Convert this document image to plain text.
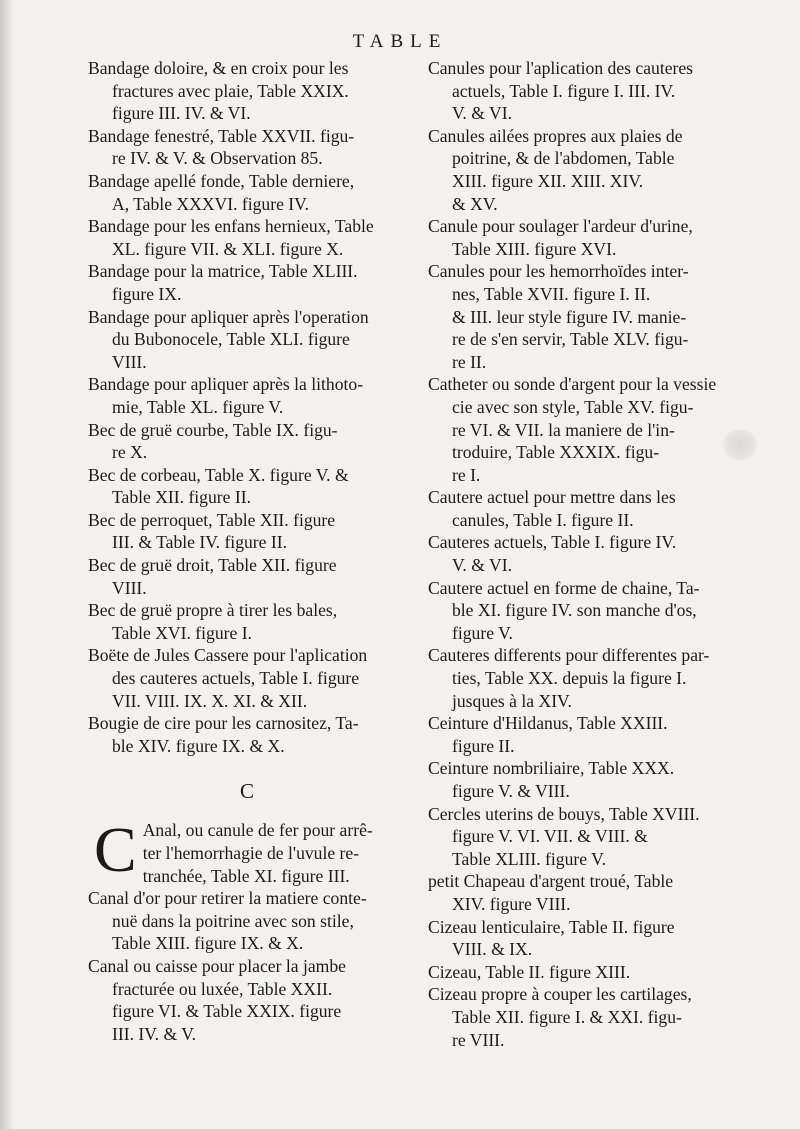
TABLE
Bandage doloire, & en croix pour les
fractures avec plaie, Table XXIX.
figure III. IV. & VI.
Bandage fenestré, Table XXVII. figu-
re IV. & V. & Observation 85.
Bandage apellé fonde, Table derniere,
A, Table XXXVI. figure IV.
Bandage pour les enfans hernieux, Table
XL. figure VII. & XLI. figure X.
Bandage pour la matrice, Table XLIII.
figure IX.
Bandage pour apliquer après l'operation
du Bubonocele, Table XLI. figure
VIII.
Bandage pour apliquer après la lithoto-
mie, Table XL. figure V.
Bec de gruë courbe, Table IX. figu-
re X.
Bec de corbeau, Table X. figure V. &
Table XII. figure II.
Bec de perroquet, Table XII. figure
III. & Table IV. figure II.
Bec de gruë droit, Table XII. figure
VIII.
Bec de gruë propre à tirer les bales,
Table XVI. figure I.
Boëte de Jules Cassere pour l'aplication
des cauteres actuels, Table I. figure
VII. VIII. IX. X. XI. & XII.
Bougie de cire pour les carnositez, Ta-
ble XIV. figure IX. & X.
C
C Anal, ou canule de fer pour arrê-
ter l'hemorrhagie de l'uvule re-
tranchée, Table XI. figure III.
Canal d'or pour retirer la matiere conte-
nuë dans la poitrine avec son stile,
Table XIII. figure IX. & X.
Canal ou caisse pour placer la jambe
fracturée ou luxée, Table XXII.
figure VI. & Table XXIX. figure
III. IV. & V.
Canules pour l'aplication des cauteres
actuels, Table I. figure I. III. IV.
V. & VI.
Canules ailées propres aux plaies de
poitrine, & de l'abdomen, Table
XIII. figure XII. XIII. XIV.
& XV.
Canule pour soulager l'ardeur d'urine,
Table XIII. figure XVI.
Canules pour les hemorrhoïdes inter-
nes, Table XVII. figure I. II.
& III. leur style figure IV. manie-
re de s'en servir, Table XLV. figu-
re II.
Catheter ou sonde d'argent pour la vessie
cie avec son style, Table XV. figu-
re VI. & VII. la maniere de l'in-
troduire, Table XXXIX. figu-
re I.
Cautere actuel pour mettre dans les
canules, Table I. figure II.
Cauteres actuels, Table I. figure IV.
V. & VI.
Cautere actuel en forme de chaine, Ta-
ble XI. figure IV. son manche d'os,
figure V.
Cauteres differents pour differentes par-
ties, Table XX. depuis la figure I.
jusques à la XIV.
Ceinture d'Hildanus, Table XXIII.
figure II.
Ceinture nombriliaire, Table XXX.
figure V. & VIII.
Cercles uterins de bouys, Table XVIII.
figure V. VI. VII. & VIII. &
Table XLIII. figure V.
petit Chapeau d'argent troué, Table
XIV. figure VIII.
Cizeau lenticulaire, Table II. figure
VIII. & IX.
Cizeau, Table II. figure XIII.
Cizeau propre à couper les cartilages,
Table XII. figure I. & XXI. figu-
re VIII.
